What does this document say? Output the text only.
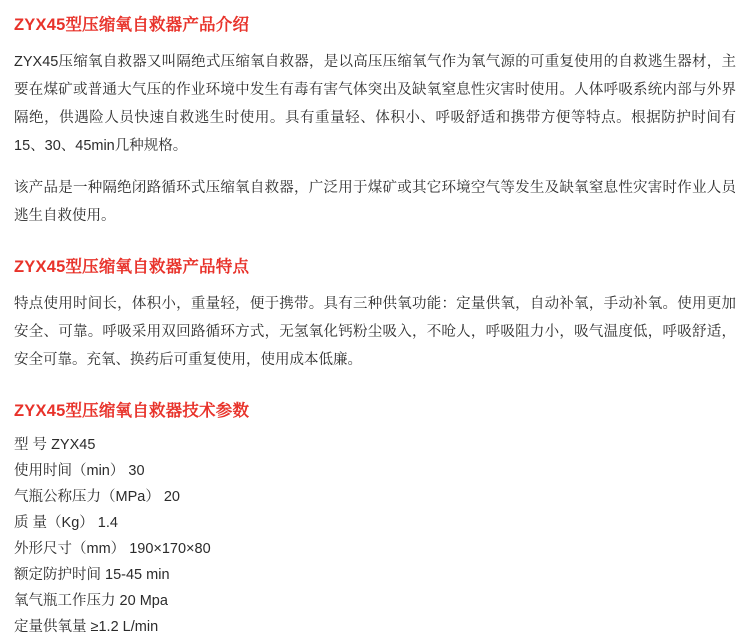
ZYX45型压缩氧自救器产品介绍

ZYX45压缩氧自救器又叫隔绝式压缩氧自救器，是以高压压缩氧气作为氧气源的可重复使用的自救逃生器材，主要在煤矿或普通大气压的作业环境中发生有毒有害气体突出及缺氧窒息性灾害时使用。人体呼吸系统内部与外界隔绝，供遇险人员快速自救逃生时使用。具有重量轻、体积小、呼吸舒适和携带方便等特点。根据防护时间有15、30、45min几种规格。

该产品是一种隔绝闭路循环式压缩氧自救器，广泛用于煤矿或其它环境空气等发生及缺氧窒息性灾害时作业人员逃生自救使用。

ZYX45型压缩氧自救器产品特点

特点使用时间长，体积小，重量轻，便于携带。具有三种供氧功能：定量供氧，自动补氧，手动补氧。使用更加安全、可靠。呼吸采用双回路循环方式，无氢氧化钙粉尘吸入，不呛人，呼吸阻力小，吸气温度低，呼吸舒适，安全可靠。充氧、换药后可重复使用，使用成本低廉。

ZYX45型压缩氧自救器技术参数
型 号 ZYX45
使用时间（min） 30
气瓶公称压力（MPa） 20
质 量（Kg） 1.4
外形尺寸（mm） 190×170×80
额定防护时间 15-45 min
氧气瓶工作压力 20 Mpa
定量供氧量 ≥1.2 L/min
